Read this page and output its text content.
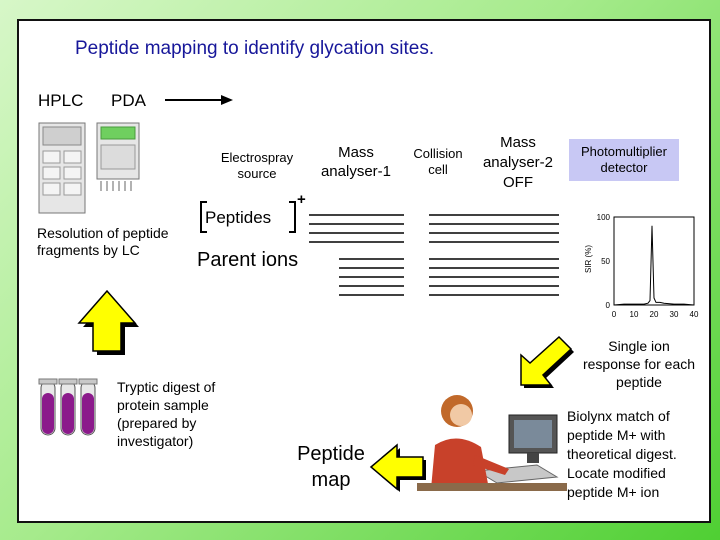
Peptide mapping to identify glycation sites.
HPLC PDA
Electrospray source
Mass analyser-1
Collision cell
Mass analyser-2 OFF
Photomultiplier detector
Peptides
+
Parent ions	SIR (%)
0 10 20 30 40
0
50
100
Resolution of peptide fragments by LC
Tryptic digest of protein sample (prepared by investigator)
Peptide map
Single ion response for each peptide
Biolynx match of peptide M+ with theoretical digest. Locate modified peptide M+ ion
